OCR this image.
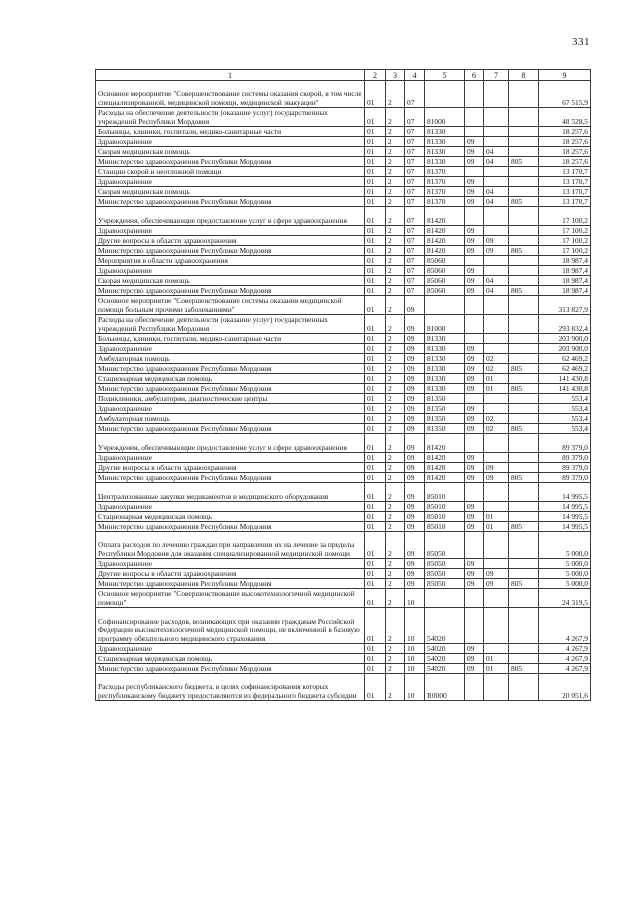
331
1	2	3	4	5	6	7	8	9
Основное мероприятие "Совершенствование системы оказания скорой, в том числе специализированной, медицинской помощи, медицинской эвакуации"	01	2	07					67 515,9
Расходы на обеспечение деятельности (оказание услуг) государственных учреждений Республики Мордовия	01	2	07	81000				48 528,5
Больницы, клиники, госпитали, медико-санитарные части	01	2	07	81330				18 257,6
Здравоохранение	01	2	07	81330	09			18 257,6
Скорая медицинская помощь	01	2	07	81330	09	04		18 257,6
Министерство здравоохранения Республики Мордовия	01	2	07	81330	09	04	805	18 257,6
Станции скорой и неотложной помощи	01	2	07	81370				13 170,7
Здравоохранение	01	2	07	81370	09			13 170,7
Скорая медицинская помощь	01	2	07	81370	09	04		13 170,7
Министерство здравоохранения Республики Мордовия	01	2	07	81370	09	04	805	13 170,7
Учреждения, обеспечивающие предоставление услуг в сфере здравоохранения	01	2	07	81420				17 100,2
Здравоохранение	01	2	07	81420	09			17 100,2
Другие вопросы в области здравоохранения	01	2	07	81420	09	09		17 100,2
Министерство здравоохранения Республики Мордовия	01	2	07	81420	09	09	805	17 100,2
Мероприятия в области здравоохранения	01	2	07	85060				18 987,4
Здравоохранение	01	2	07	85060	09			18 987,4
Скорая медицинская помощь	01	2	07	85060	09	04		18 987,4
Министерство здравоохранения Республики Мордовия	01	2	07	85060	09	04	805	18 987,4
Основное мероприятие "Совершенствование системы оказания медицинской помощи больным прочими заболеваниями"	01	2	09					313 827,9
Расходы на обеспечение деятельности (оказание услуг) государственных учреждений Республики Мордовия	01	2	09	81000				293 832,4
Больницы, клиники, госпитали, медико-санитарные части	01	2	09	81330				203 900,0
Здравоохранение	01	2	09	81330	09			203 900,0
Амбулаторная помощь	01	2	09	81330	09	02		62 469,2
Министерство здравоохранения Республики Мордовия	01	2	09	81330	09	02	805	62 469,2
Стационарная медицинская помощь	01	2	09	81330	09	01		141 430,8
Министерство здравоохранения Республики Мордовия	01	2	09	81330	09	01	805	141 430,8
Поликлиники, амбулатории, диагностические центры	01	2	09	81350				553,4
Здравоохранение	01	2	09	81350	09			553,4
Амбулаторная помощь	01	2	09	81350	09	02		553,4
Министерство здравоохранения Республики Мордовия	01	2	09	81350	09	02	805	553,4
Учреждения, обеспечивающие предоставление услуг в сфере здравоохранения	01	2	09	81420				89 379,0
Здравоохранение	01	2	09	81420	09			89 379,0
Другие вопросы в области здравоохранения	01	2	09	81420	09	09		89 379,0
Министерство здравоохранения Республики Мордовия	01	2	09	81420	09	09	805	89 379,0
Централизованные закупки медикаментов и медицинского оборудования	01	2	09	85010				14 995,5
Здравоохранение	01	2	09	85010	09			14 995,5
Стационарная медицинская помощь	01	2	09	85010	09	01		14 995,5
Министерство здравоохранения Республики Мордовия	01	2	09	85010	09	01	805	14 995,5
Оплата расходов по лечению граждан при направлении их на лечение за пределы Республики Мордовия для оказания специализированной медицинской помощи	01	2	09	85050				5 000,0
Здравоохранение	01	2	09	85050	09			5 000,0
Другие вопросы в области здравоохранения	01	2	09	85050	09	09		5 000,0
Министерство здравоохранения Республики Мордовия	01	2	09	85050	09	09	805	5 000,0
Основное мероприятие "Совершенствование высокотехнологичной медицинской помощи"	01	2	10					24 319,5
Софинансирование расходов, возникающих при оказании гражданам Российской Федерации высокотехнологичной медицинской помощи, не включенной в базовую программу обязательного медицинского страхования	01	2	10	54020				4 267,9
Здравоохранение	01	2	10	54020	09			4 267,9
Стационарная медицинская помощь	01	2	10	54020	09	01		4 267,9
Министерство здравоохранения Республики Мордовия	01	2	10	54020	09	01	805	4 267,9
Расходы республиканского бюджета, в целях софинансирования которых республиканскому бюджету предоставляются из федерального бюджета субсидии	01	2	10	R0000				20 051,6
